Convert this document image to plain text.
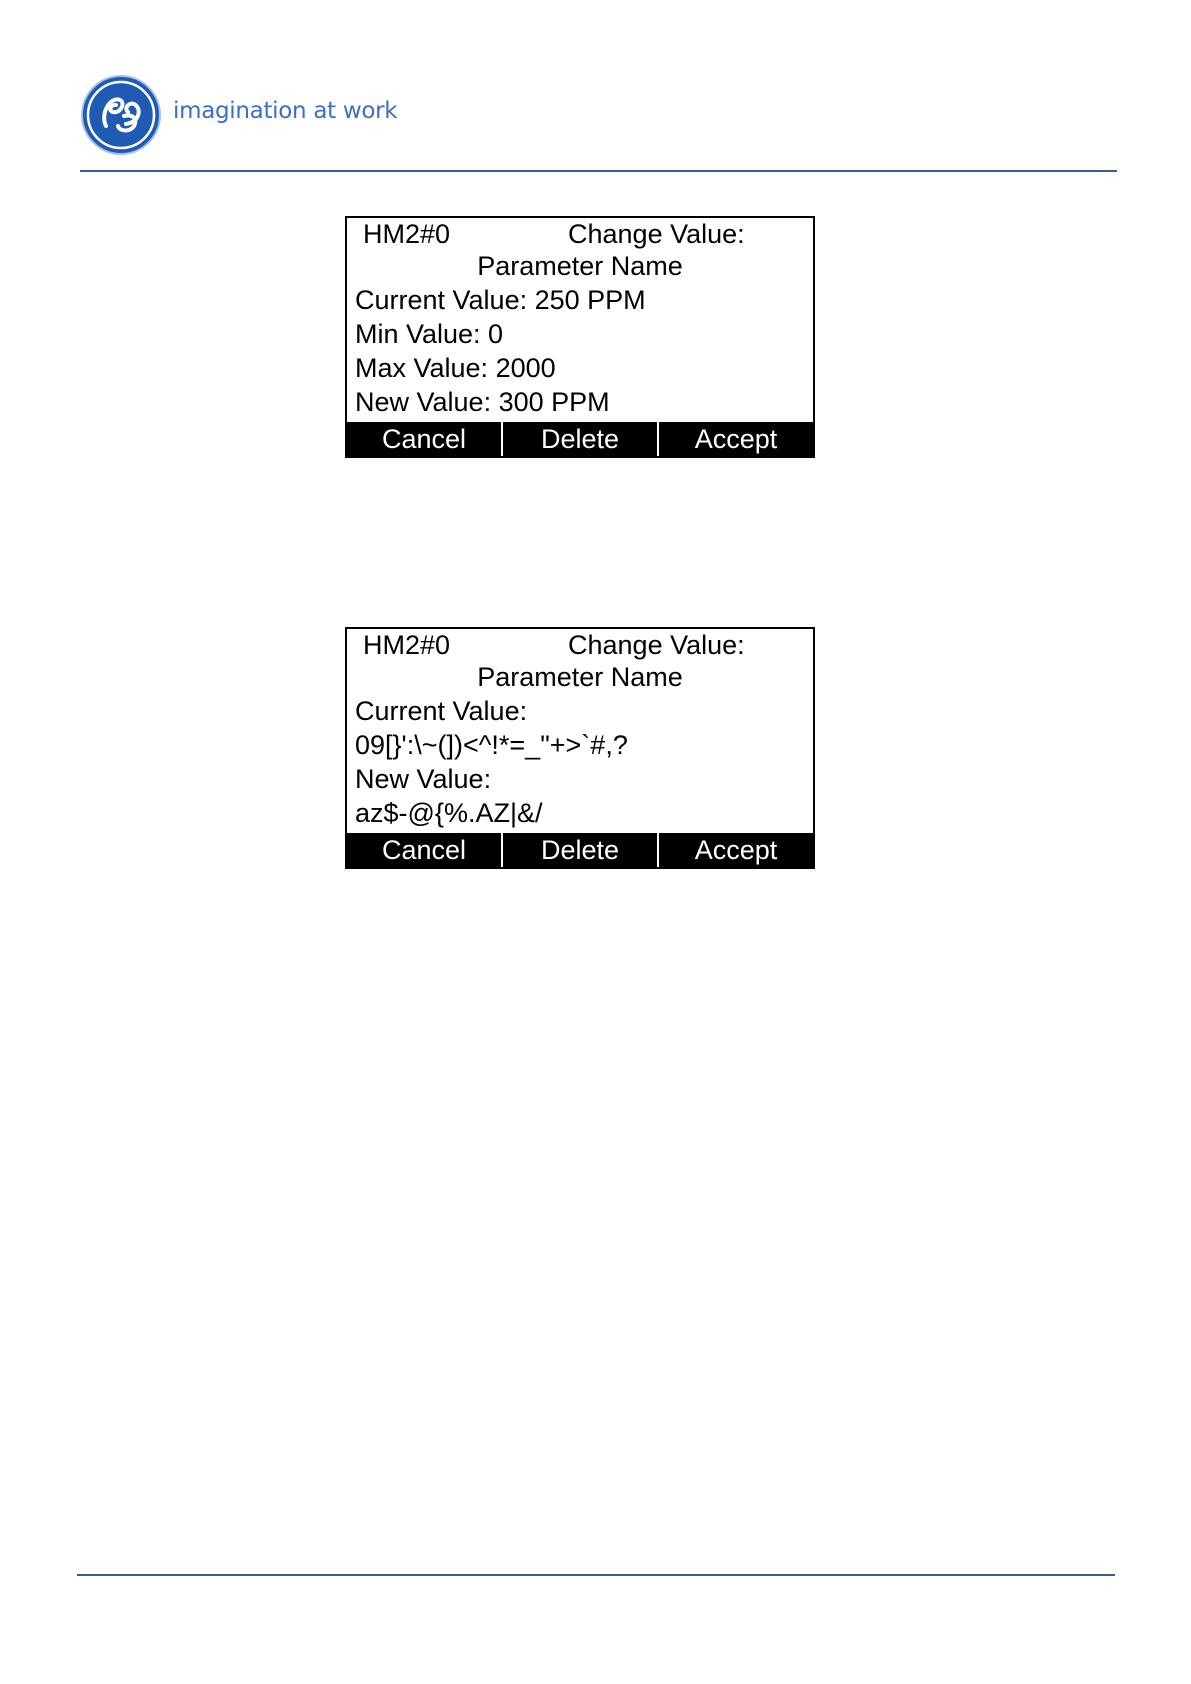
imagination at work
HM2#0	Change Value:
Parameter Name
Current Value: 250 PPM
Min Value: 0
Max Value: 2000
New Value: 300 PPM
Cancel	Delete	Accept
HM2#0	Change Value:
Parameter Name
Current Value:
09[}':\~(])<^!*=_"+>`#,?
New Value:
az$-@{%.AZ|&/
Cancel	Delete	Accept
